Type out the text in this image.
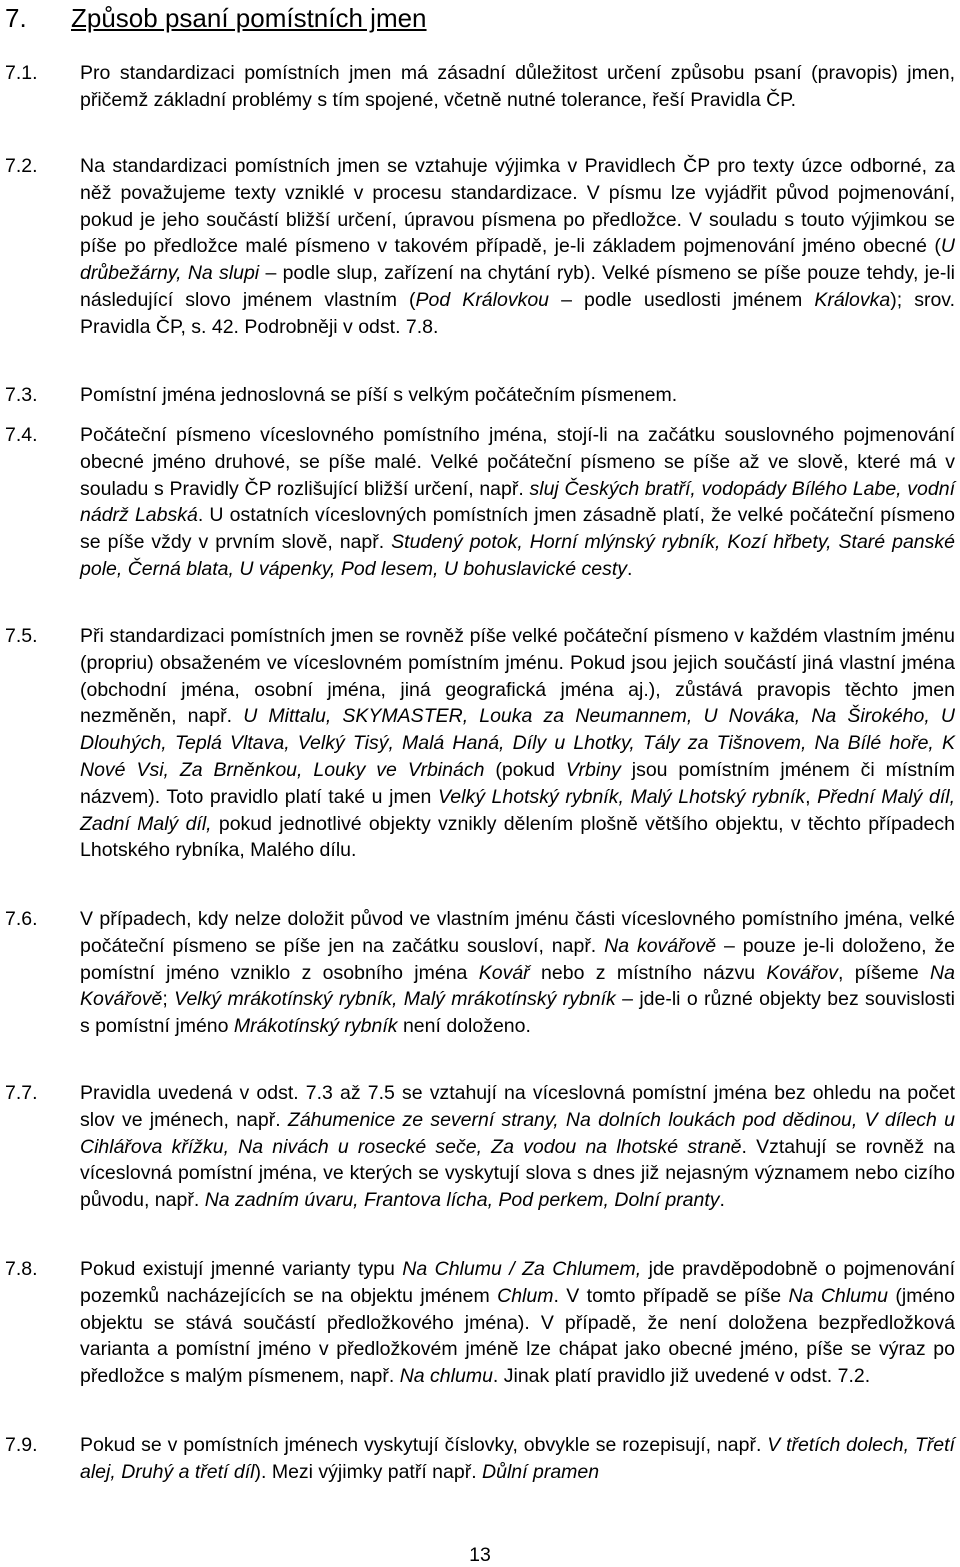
7. Způsob psaní pomístních jmen
7.1. Pro standardizaci pomístních jmen má zásadní důležitost určení způsobu psaní (pravopis) jmen, přičemž základní problémy s tím spojené, včetně nutné tolerance, řeší Pravidla ČP.
7.2. Na standardizaci pomístních jmen se vztahuje výjimka v Pravidlech ČP pro texty úzce odborné, za něž považujeme texty vzniklé v procesu standardizace. V písmu lze vyjádřit původ pojmenování, pokud je jeho součástí bližší určení, úpravou písmena po předložce. V souladu s touto výjimkou se píše po předložce malé písmeno v takovém případě, je-li základem pojmenování jméno obecné (U drůbežárny, Na slupi – podle slup, zařízení na chytání ryb). Velké písmeno se píše pouze tehdy, je-li následující slovo jménem vlastním (Pod Královkou – podle usedlosti jménem Královka); srov. Pravidla ČP, s. 42. Podrobněji v odst. 7.8.
7.3. Pomístní jména jednoslovná se píší s velkým počátečním písmenem.
7.4. Počáteční písmeno víceslovného pomístního jména, stojí-li na začátku souslovného pojmenování obecné jméno druhové, se píše malé. Velké počáteční písmeno se píše až ve slově, které má v souladu s Pravidly ČP rozlišující bližší určení, např. sluj Českých bratří, vodopády Bílého Labe, vodní nádrž Labská. U ostatních víceslovných pomístních jmen zásadně platí, že velké počáteční písmeno se píše vždy v prvním slově, např. Studený potok, Horní mlýnský rybník, Kozí hřbety, Staré panské pole, Černá blata, U vápenky, Pod lesem, U bohuslavické cesty.
7.5. Při standardizaci pomístních jmen se rovněž píše velké počáteční písmeno v každém vlastním jménu (propriu) obsaženém ve víceslovném pomístním jménu. Pokud jsou jejich součástí jiná vlastní jména (obchodní jména, osobní jména, jiná geografická jména aj.), zůstává pravopis těchto jmen nezměněn, např. U Mittalu, SKYMASTER, Louka za Neumannem, U Nováka, Na Širokého, U Dlouhých, Teplá Vltava, Velký Tisý, Malá Haná, Díly u Lhotky, Tály za Tišnovem, Na Bílé hoře, K Nové Vsi, Za Brněnkou, Louky ve Vrbinách (pokud Vrbiny jsou pomístním jménem či místním názvem). Toto pravidlo platí také u jmen Velký Lhotský rybník, Malý Lhotský rybník, Přední Malý díl, Zadní Malý díl, pokud jednotlivé objekty vznikly dělením plošně většího objektu, v těchto případech Lhotského rybníka, Malého dílu.
7.6. V případech, kdy nelze doložit původ ve vlastním jménu části víceslovného pomístního jména, velké počáteční písmeno se píše jen na začátku sousloví, např. Na kovářově – pouze je-li doloženo, že pomístní jméno vzniklo z osobního jména Kovář nebo z místního názvu Kovářov, píšeme Na Kovářově; Velký mrákotínský rybník, Malý mrákotínský rybník – jde-li o různé objekty bez souvislosti s pomístní jméno Mrákotínský rybník není doloženo.
7.7. Pravidla uvedená v odst. 7.3 až 7.5 se vztahují na víceslovná pomístní jména bez ohledu na počet slov ve jménech, např. Záhumenice ze severní strany, Na dolních loukách pod dědinou, V dílech u Cihlářova křížku, Na nivách u rosecké seče, Za vodou na lhotské straně. Vztahují se rovněž na víceslovná pomístní jména, ve kterých se vyskytují slova s dnes již nejasným významem nebo cizího původu, např. Na zadním úvaru, Frantova lícha, Pod perkem, Dolní pranty.
7.8. Pokud existují jmenné varianty typu Na Chlumu / Za Chlumem, jde pravděpodobně o pojmenování pozemků nacházejících se na objektu jménem Chlum. V tomto případě se píše Na Chlumu (jméno objektu se stává součástí předložkového jména). V případě, že není doložena bezpředložková varianta a pomístní jméno v předložkovém jméně lze chápat jako obecné jméno, píše se výraz po předložce s malým písmenem, např. Na chlumu. Jinak platí pravidlo již uvedené v odst. 7.2.
7.9. Pokud se v pomístních jménech vyskytují číslovky, obvykle se rozepisují, např. V třetích dolech, Třetí alej, Druhý a třetí díl). Mezi výjimky patří např. Důlní pramen
13
